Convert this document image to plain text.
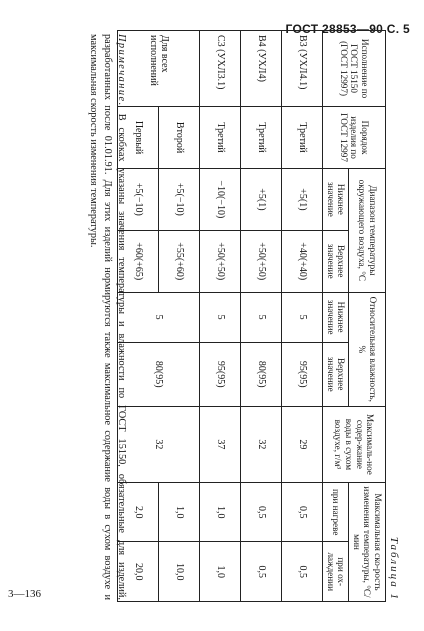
ГОСТ 28853—90 С. 5
3—136	Таблица 1
Исполнение по ГОСТ 15150 (ГОСТ 12997)	Порядок изделия по ГОСТ 12997	Диапазон температуры окружающего воздуха, °С		Относительная влажность, %		Максималь-ное содер-жание воды в сухом воздухе, г/м³	Максимальная ско-рость изменения температуры, °С/мин	
		Нижнее значение	Верхнее значение	Нижнее значение	Верхнее значение		при нагреве	при ох-лаждении
В3 (УХЛ4.1)	Третий	+5(1)	+40(+40)	5	95(95)	29	0,5	0,5
В4 (УХЛ4)	Третий	+5(1)	+50(+50)	5	80(95)	32	0,5	0,5
С3 (УХЛ3.1)	Третий	−10(−10)	+50(+50)	5	95(95)	37	1,0	1,0
Для всех исполнений	Второй	+5(−10)	+55(+60)	5	80(95)	32	1,0	10,0
	Первый	+5(−10)	+60(+65)				2,0	20,0
Примечание. В скобках указаны значения температуры и влажности по ГОСТ 15150, обязательные для изделий, разработанных после 01.01.91. Для этих изделий нормируются также максимальное содержание воды в сухом воздухе и максимальная скорость изменения температуры.
